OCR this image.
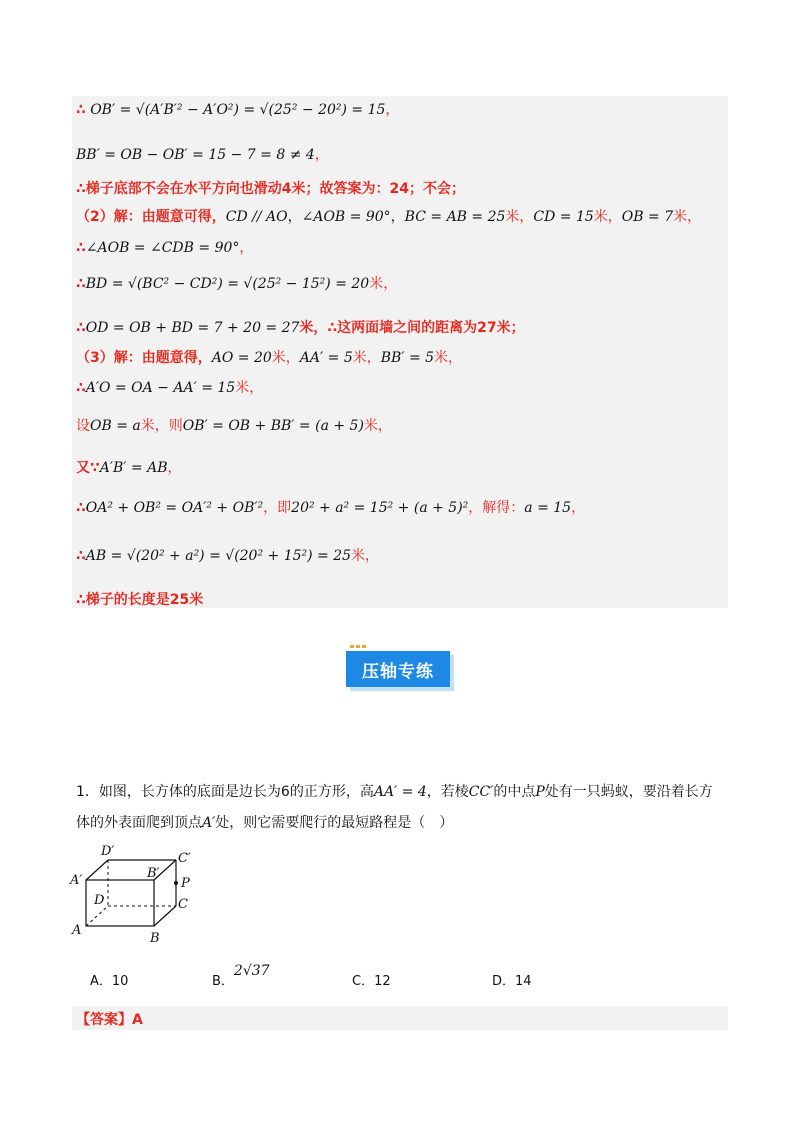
∴ OB′ = √(A′B′² − A′O²) = √(25² − 20²) = 15，
BB′ = OB − OB′ = 15 − 7 = 8 ≠ 4，
∴梯子底部不会在水平方向也滑动4米；故答案为：24；不会；
（2）解：由题意可得，CD // AO，∠AOB = 90°，BC = AB = 25米，CD = 15米，OB = 7米，
∴∠AOB = ∠CDB = 90°，
∴BD = √(BC² − CD²) = √(25² − 15²) = 20米，
∴OD = OB + BD = 7 + 20 = 27米，∴这两面墙之间的距离为27米；
（3）解：由题意得，AO = 20米，AA′ = 5米，BB′ = 5米，
∴A′O = OA − AA′ = 15米，
设OB = a米，则OB′ = OB + BB′ = (a + 5)米，
又∵A′B′ = AB，
∴OA² + OB² = OA′² + OB′²，即20² + a² = 15² + (a + 5)²，解得：a = 15，
∴AB = √(20² + a²) = √(20² + 15²) = 25米，
∴梯子的长度是25米
压轴专练
1．如图，长方体的底面是边长为6的正方形，高AA′ = 4，若棱CC′的中点P处有一只蚂蚁，要沿着长方
体的外表面爬到顶点A′处，则它需要爬行的最短路程是（　）
D′	C′
A′	B′
P
D	C
A
B
A．10	B．2√37
C．12	D．14
【答案】A
